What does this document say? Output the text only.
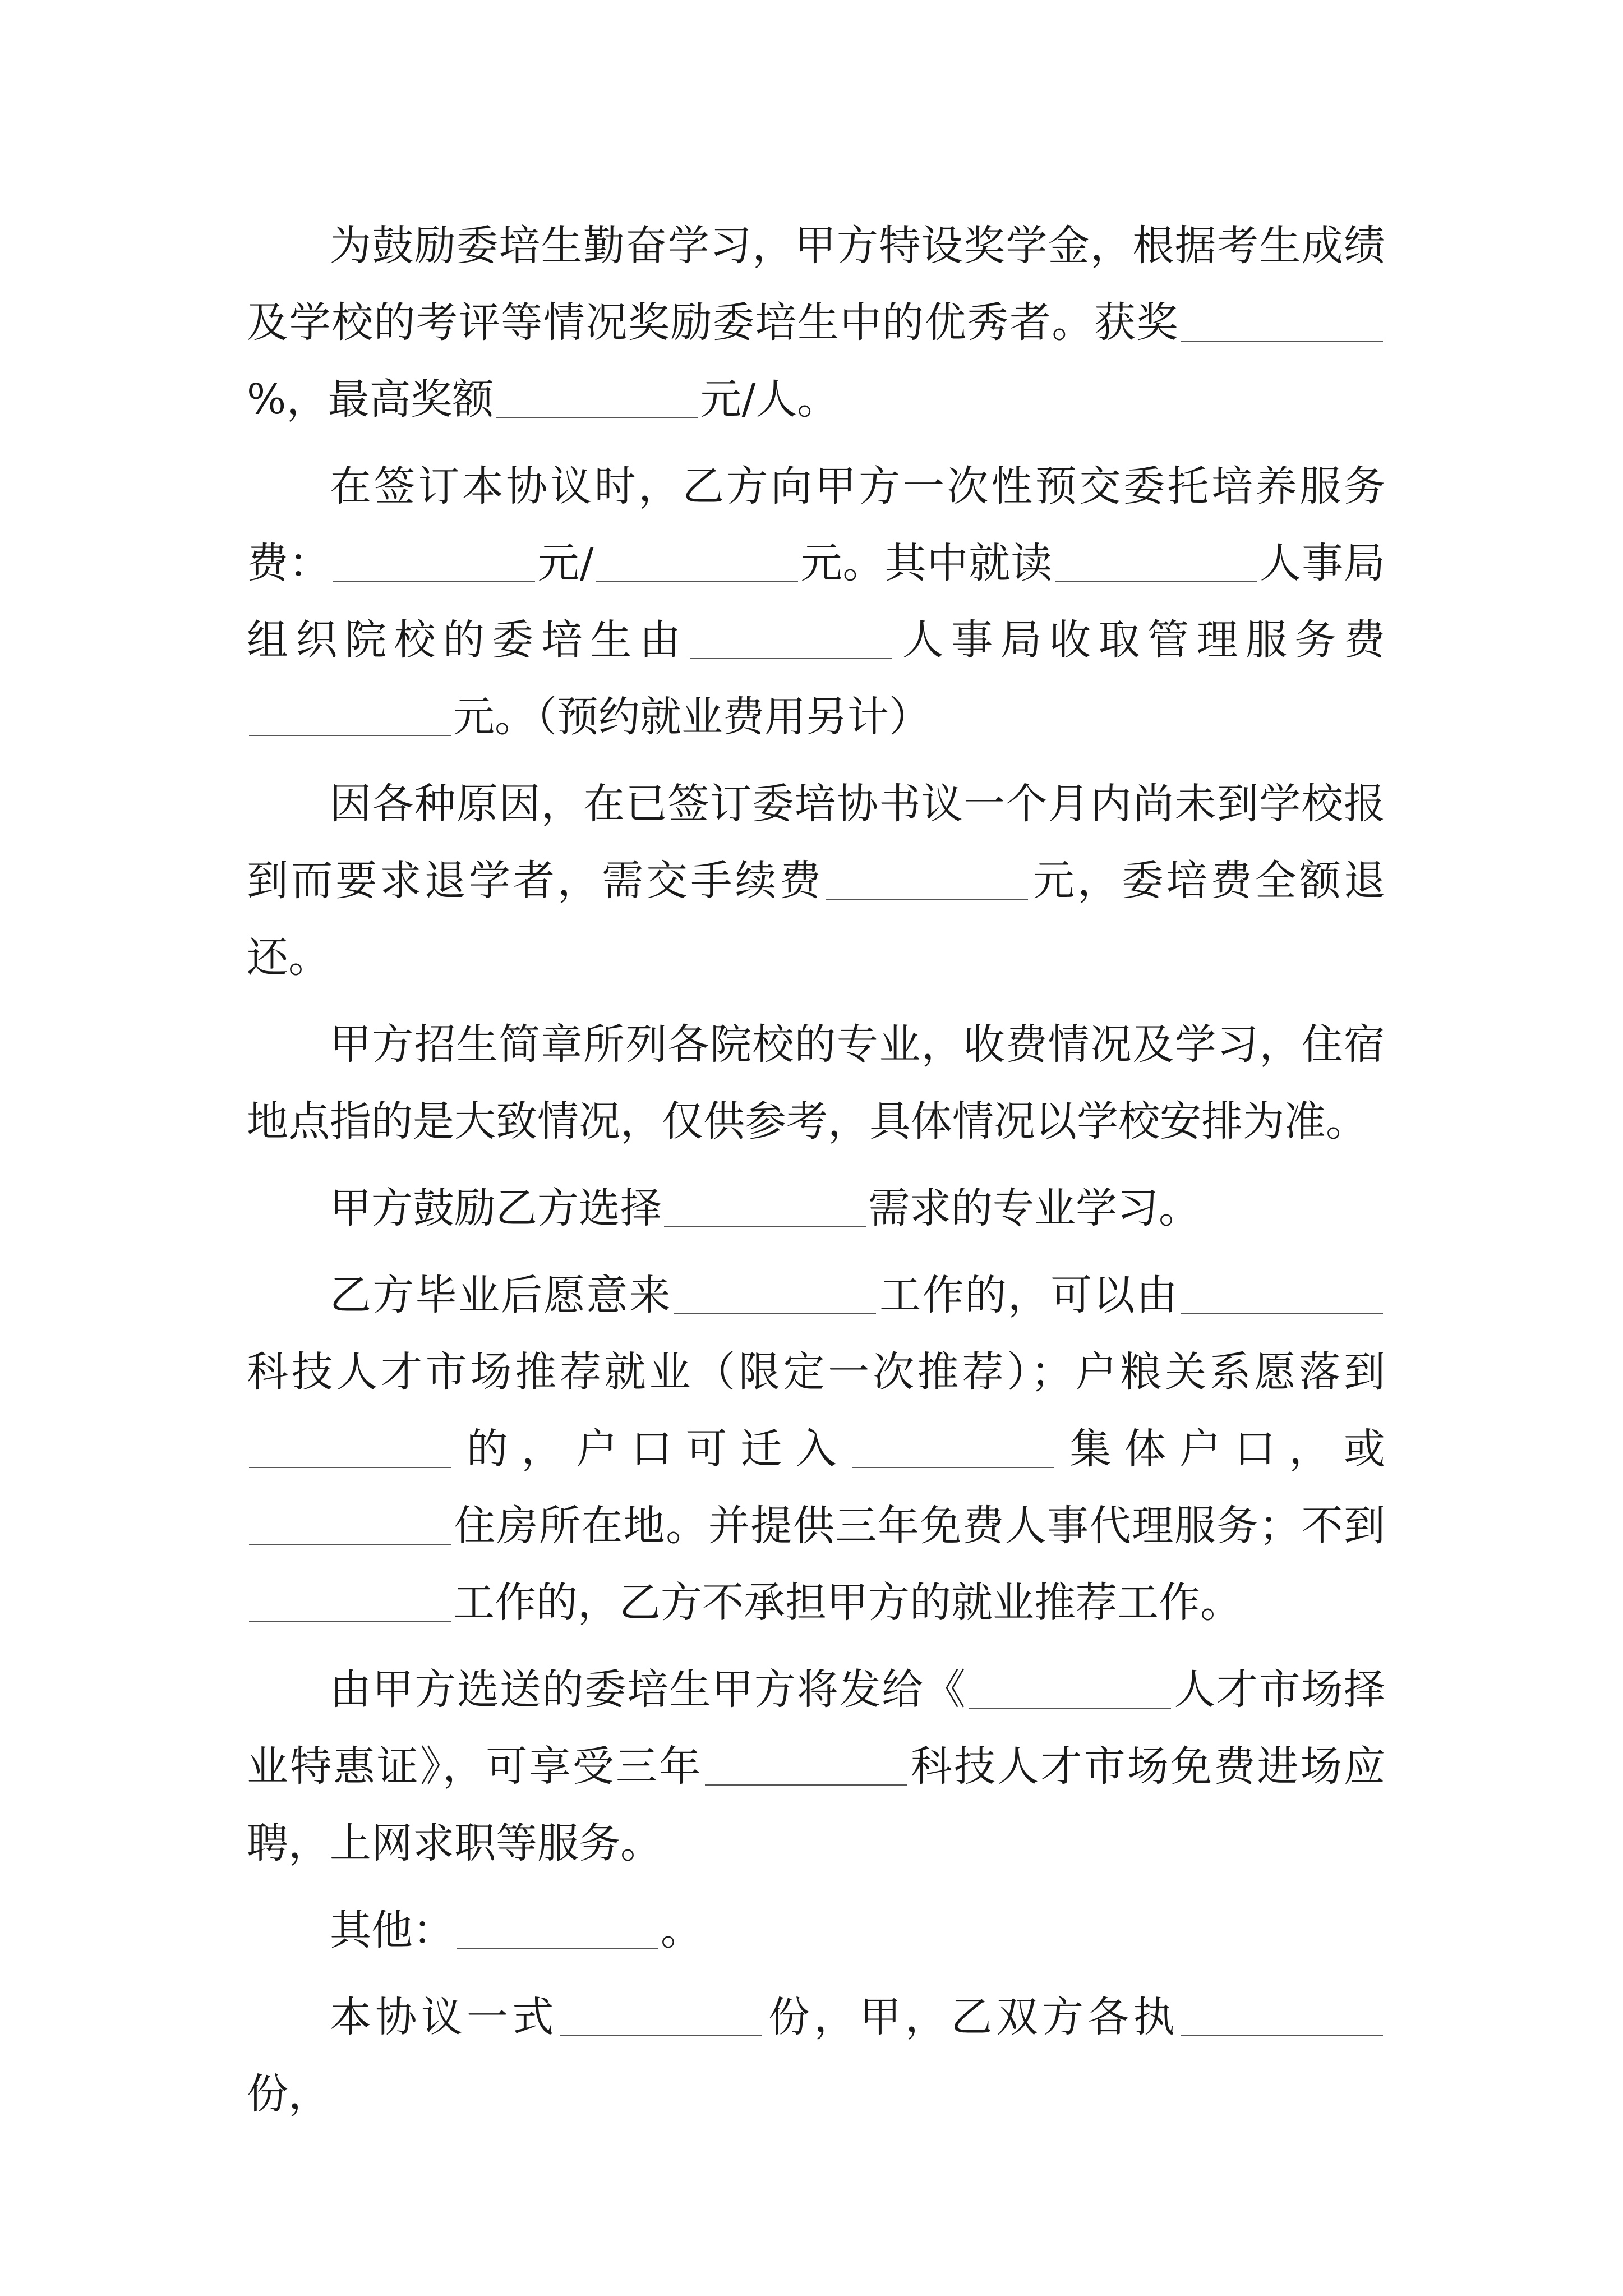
为鼓励委培生勤奋学习，甲方特设奖学金，根据考生成绩及学校的考评等情况奖励委培生中的优秀者。获奖%，最高奖额	元/人。

在签订本协议时，乙方向甲方一次性预交委托培养服务费：	元/	元。其中就读	人事局组织院校的委培生由	人事局收取管理服务费元。（预约就业费用另计）

因各种原因，在已签订委培协书议一个月内尚未到学校报到而要求退学者，需交手续费	元，委培费全额退还。

甲方招生简章所列各院校的专业，收费情况及学习，住宿地点指的是大致情况，仅供参考，具体情况以学校安排为准。

甲方鼓励乙方选择	需求的专业学习。

乙方毕业后愿意来	工作的，可以由科技人才市场推荐就业（限定一次推荐）；户粮关系愿落到的，户口可迁入	集体户口，或住房所在地。并提供三年免费人事代理服务；不到工作的，乙方不承担甲方的就业推荐工作。

由甲方选送的委培生甲方将发给《	人才市场择业特惠证》，可享受三年	科技人才市场免费进场应聘，上网求职等服务。

其他：	。

本协议一式	份，甲，乙双方各执份，
